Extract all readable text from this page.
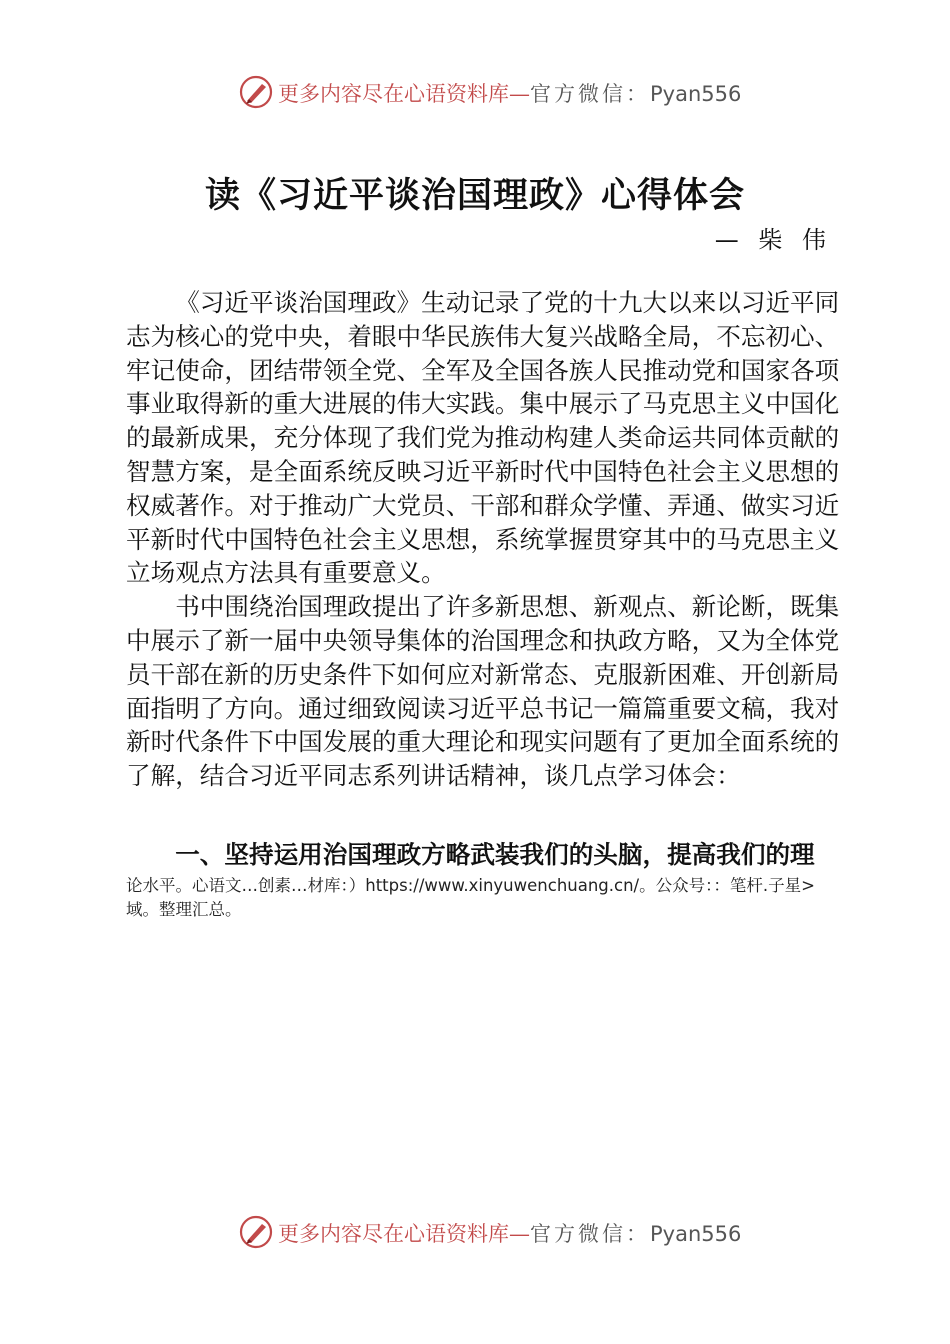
更多内容尽在心语资料库—官方微信：Pyan556
读《习近平谈治国理政》心得体会
— 柴 伟

《习近平谈治国理政》生动记录了党的十九大以来以习近平同志为核心的党中央，着眼中华民族伟大复兴战略全局，不忘初心、牢记使命，团结带领全党、全军及全国各族人民推动党和国家各项事业取得新的重大进展的伟大实践。集中展示了马克思主义中国化的最新成果，充分体现了我们党为推动构建人类命运共同体贡献的智慧方案，是全面系统反映习近平新时代中国特色社会主义思想的权威著作。对于推动广大党员、干部和群众学懂、弄通、做实习近平新时代中国特色社会主义思想，系统掌握贯穿其中的马克思主义立场观点方法具有重要意义。

书中围绕治国理政提出了许多新思想、新观点、新论断，既集中展示了新一届中央领导集体的治国理念和执政方略，又为全体党员干部在新的历史条件下如何应对新常态、克服新困难、开创新局面指明了方向。通过细致阅读习近平总书记一篇篇重要文稿，我对新时代条件下中国发展的重大理论和现实问题有了更加全面系统的了解，结合习近平同志系列讲话精神，谈几点学习体会：

一、坚持运用治国理政方略武装我们的头脑，提高我们的理
论水平。心语文…创素…材库：）https://www.xinyuwenchuang.cn/。公众号：：笔杆.子星>域。整理汇总。
更多内容尽在心语资料库—官方微信：Pyan556
